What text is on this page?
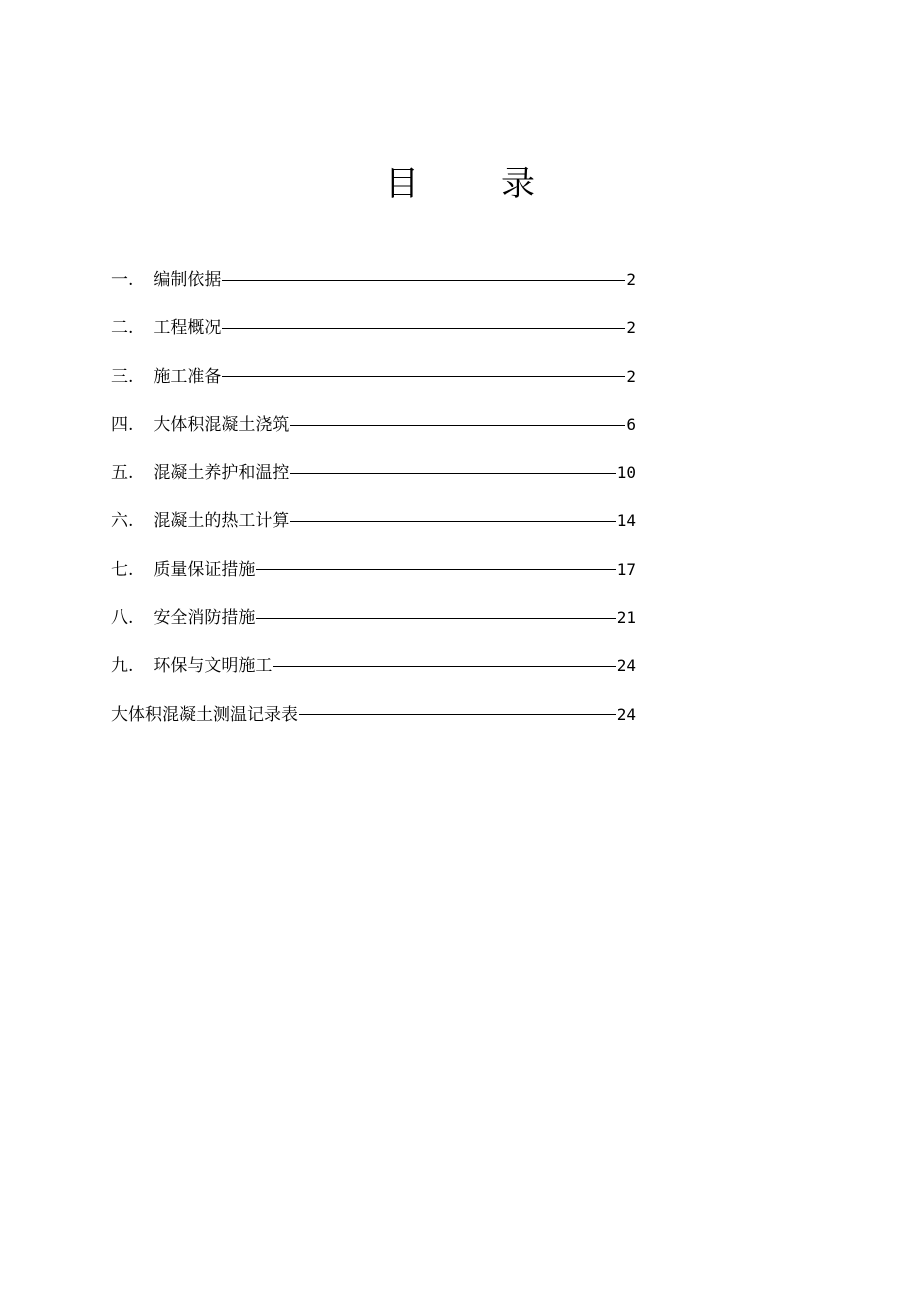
目 录
一. 编制依据	2
二. 工程概况	2
三. 施工准备	2
四. 大体积混凝土浇筑	6
五. 混凝土养护和温控	10
六. 混凝土的热工计算	14
七. 质量保证措施	17
八. 安全消防措施	21
九. 环保与文明施工	24
大体积混凝土测温记录表	24
